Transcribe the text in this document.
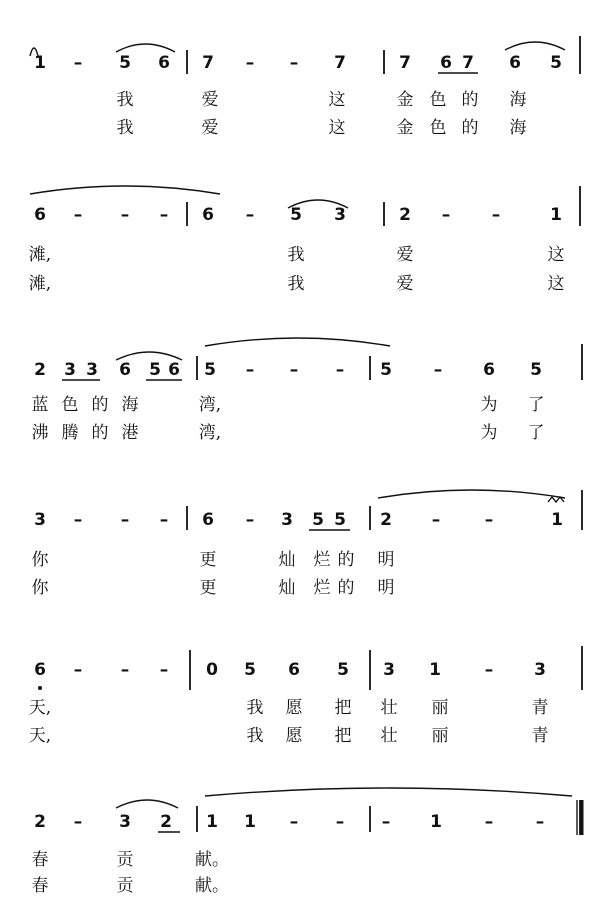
1 – 5 6 7 – – 7	7 6 7 6 5
我	爱	这	金 色 的 海
我	爱	这	金 色 的 海
6 – – – 6 – 5 3	2 – –	1
滩,	我	爱	这
滩,	我	爱	这
2 3 3 6 5 6 5 – – – 5 – 6 5
蓝 色 的 海	湾,	为 了
沸 腾 的 港	湾,	为 了
3 – – – 6 – 3 5 5 2 –	–	1
你	更	灿 烂 的 明
你	更	灿 烂 的 明
6 – – – 0 5 6 5 3 1	– 3
天,	我 愿 把 壮 丽	青
天,	我 愿 把 壮 丽	青
2 – 3 2 1 1 – – – 1	–	–
春	贡	献。
春	贡	献。
